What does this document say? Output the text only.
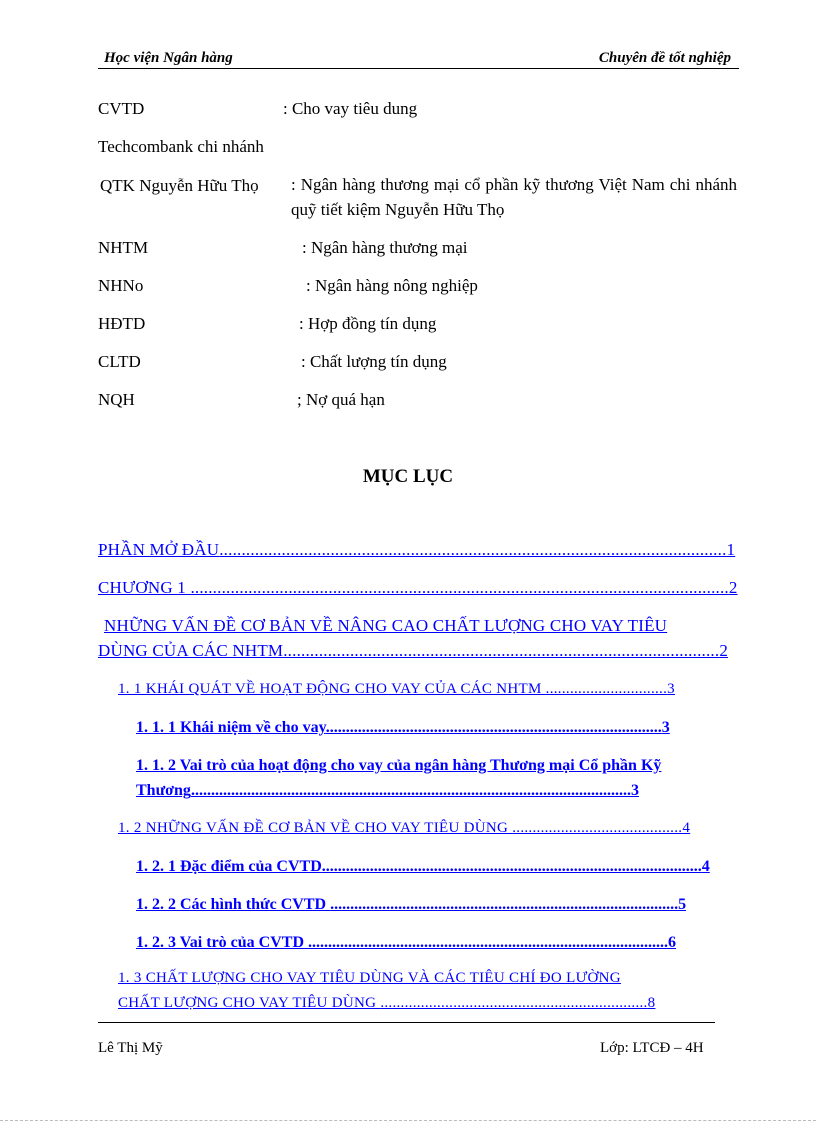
Học viện Ngân hàng	Chuyên đề tốt nghiệp
CVTD	: Cho vay tiêu dung
Techcombank chi nhánh
QTK Nguyễn Hữu Thọ : Ngân hàng thương mại cổ phần kỹ thương Việt Nam chi nhánh quỹ tiết kiệm Nguyễn Hữu Thọ
NHTM	: Ngân hàng thương mại
NHNo	: Ngân hàng nông nghiệp
HĐTD	: Hợp đồng tín dụng
CLTD	: Chất lượng tín dụng
NQH	; Nợ quá hạn
MỤC LỤC
PHẦN MỞ ĐẦU..................................................................................................................1
CHƯƠNG 1 .........................................................................................................................2
NHỮNG VẤN ĐỀ CƠ BẢN VỀ NÂNG CAO CHẤT LƯỢNG CHO VAY TIÊU
DÙNG CỦA CÁC NHTM..................................................................................................2
1. 1 KHÁI QUÁT VỀ HOẠT ĐỘNG CHO VAY CỦA CÁC NHTM ..............................3
1. 1. 1 Khái niệm về cho vay....................................................................................3
1. 1. 2 Vai trò của hoạt động cho vay của ngân hàng Thương mại Cổ phần Kỹ
Thương..............................................................................................................3
1. 2 NHỮNG VẤN ĐỀ CƠ BẢN VỀ CHO VAY TIÊU DÙNG ..........................................4
1. 2. 1 Đặc điểm của CVTD...............................................................................................4
1. 2. 2 Các hình thức CVTD .......................................................................................5
1. 2. 3 Vai trò của CVTD ..........................................................................................6
1. 3 CHẤT LƯỢNG CHO VAY TIÊU DÙNG VÀ CÁC TIÊU CHÍ ĐO LƯỜNG
CHẤT LƯỢNG CHO VAY TIÊU DÙNG ..................................................................8
Lê Thị Mỹ	Lớp: LTCĐ – 4H
